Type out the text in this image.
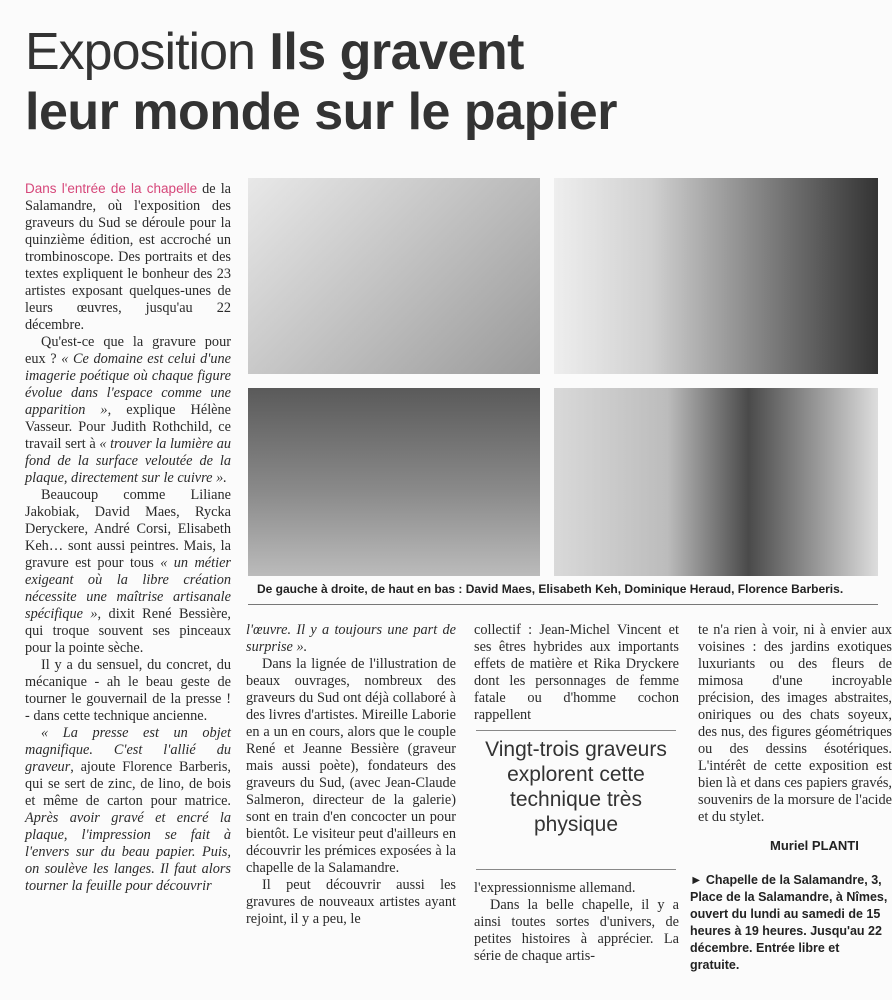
Exposition Ils gravent
leur monde sur le papier

Dans l'entrée de la chapelle de la Salamandre, où l'exposition des graveurs du Sud se déroule pour la quinzième édition, est accroché un trombinoscope. Des portraits et des textes expliquent le bonheur des 23 artistes exposant quelques-unes de leurs œuvres, jusqu'au 22 décembre.

Qu'est-ce que la gravure pour eux ? « Ce domaine est celui d'une imagerie poétique où chaque figure évolue dans l'espace comme une apparition », explique Hélène Vasseur. Pour Judith Rothchild, ce travail sert à « trouver la lumière au fond de la surface veloutée de la plaque, directement sur le cuivre ».

Beaucoup comme Liliane Jakobiak, David Maes, Rycka Deryckere, André Corsi, Elisabeth Keh… sont aussi peintres. Mais, la gravure est pour tous « un métier exigeant où la libre création nécessite une maîtrise artisanale spécifique », dixit René Bessière, qui troque souvent ses pinceaux pour la pointe sèche.

Il y a du sensuel, du concret, du mécanique - ah le beau geste de tourner le gouvernail de la presse ! - dans cette technique ancienne.

« La presse est un objet magnifique. C'est l'allié du graveur, ajoute Florence Barberis, qui se sert de zinc, de lino, de bois et même de carton pour matrice. Après avoir gravé et encré la plaque, l'impression se fait à l'envers sur du beau papier. Puis, on soulève les langes. Il faut alors tourner la feuille pour découvrir

De gauche à droite, de haut en bas : David Maes, Elisabeth Keh, Dominique Heraud, Florence Barberis.

l'œuvre. Il y a toujours une part de surprise ».

Dans la lignée de l'illustration de beaux ouvrages, nombreux des graveurs du Sud ont déjà collaboré à des livres d'artistes. Mireille Laborie en a un en cours, alors que le couple René et Jeanne Bessière (graveur mais aussi poète), fondateurs des graveurs du Sud, (avec Jean-Claude Salmeron, directeur de la galerie) sont en train d'en concocter un pour bientôt. Le visiteur peut d'ailleurs en découvrir les prémices exposées à la chapelle de la Salamandre.

Il peut découvrir aussi les gravures de nouveaux artistes ayant rejoint, il y a peu, le

collectif : Jean-Michel Vincent et ses êtres hybrides aux importants effets de matière et Rika Dryckere dont les personnages de femme fatale ou d'homme cochon rappellent

Vingt-trois graveurs explorent cette technique très physique

l'expressionnisme allemand.

Dans la belle chapelle, il y a ainsi toutes sortes d'univers, de petites histoires à apprécier. La série de chaque artis-

te n'a rien à voir, ni à envier aux voisines : des jardins exotiques luxuriants ou des fleurs de mimosa d'une incroyable précision, des images abstraites, oniriques ou des chats soyeux, des nus, des figures géométriques ou des dessins ésotériques. L'intérêt de cette exposition est bien là et dans ces papiers gravés, souvenirs de la morsure de l'acide et du stylet.

Muriel PLANTI
► Chapelle de la Salamandre, 3, Place de la Salamandre, à Nîmes, ouvert du lundi au samedi de 15 heures à 19 heures. Jusqu'au 22 décembre. Entrée libre et gratuite.
